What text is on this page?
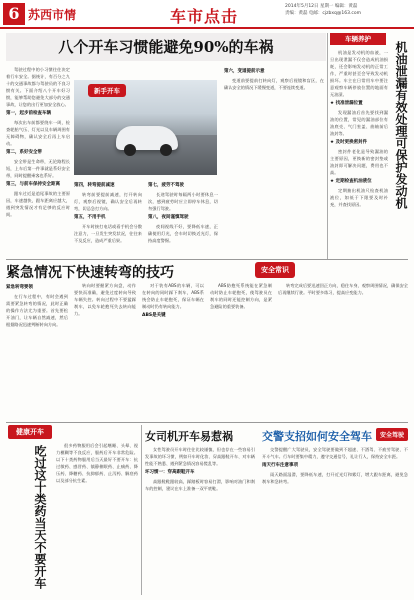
6 苏西市情	车市点击
2014年5月12日 星期一 编辑：黄磊
责编：黄磊 电邮：cjzbxq@163.com
八个开车习惯能避免90%的车祸

驾驶过程中的小习惯往往决定着行车安全。据统计，有百分之九十的交通事故都与驾驶员的不良习惯有关。下面介绍八个开车好习惯，能够帮助您避免大部分的交通事故，让您的出行更加安全放心。

第一，起步前检查车辆

每次出车前都要绕车一周，检查轮胎气压、灯光以及车辆周围有无障碍物，确认安全后再上车启动。

第二，系好安全带

安全带是生命带，无论路程长短，上车后第一件事就是系好安全带，同时提醒乘客也系好。

第三，与前车保持安全距离

跟车过近是追尾事故的主要原因，车速越快，跟车距离应越大，遇到突发情况才有足够的反应时间。

新手开车
第四，转弯提前减速

转弯前要提前减速，打开转向灯，观察后视镜，确认安全后再转弯，切忌急打方向。

第五，不用手机

开车时接打电话或看手机会分散注意力，一旦发生突发状况，往往来不及反应，造成严重后果。

第七，疲劳不驾驶

长途驾驶时每隔两小时要休息一次，感到疲劳时应立即停车休息，切勿强行驾驶。

第八，夜间谨慎驾驶

夜间视线不好，要降低车速，正确使用灯光，会车时切换近光灯，保持高度警惕。

第六，变道提前示意

变道前要提前打转向灯，观察后视镜和盲区，在确认安全的情况下缓慢变道，不要连续变道。

车辆养护
机油泄漏有效处理可保护发动机

机油是发动机的血液，一旦出现泄漏不仅会造成机油损耗，还会影响发动机的正常工作，严重时甚至会导致发动机损坏。车主在日常用车中要注意观察车辆停放位置的地面有无油渍。

★ 找准泄漏位置

发现漏油后首先要找到漏油的位置，常见的漏油部位有油底壳、气门室盖、曲轴前后油封等。

★ 及时更换密封件

密封件老化是导致漏油的主要原因，更换新的密封垫或油封即可解决问题，费用也不高。

★ 定期检查机油液位

定期抽出机油尺检查机油液位，如低于下限要及时补充，并查找原因。

紧急情况下快速转弯的技巧	安全常识
紧急转弯要领

在行车过程中，有时会遇到需要紧急转弯的情况，此时正确的操作方法尤为重要。首先要松开油门，让车辆自然减速，然后根据路况迅速判断转向方向。

转向时要握紧方向盘，动作要快而准确，避免过度转向导致车辆失控。转向过程中不要猛踩刹车，以免车轮抱死失去转向能力。

对于装有ABS的车辆，可以在转向的同时踩下刹车，ABS系统会防止车轮抱死，保证车辆在制动时仍有转向能力。

ABS是关键

ABS防抱死系统能在紧急制动时防止车轮抱死，使驾驶员在刹车的同时还能控制方向，是紧急避险的重要装备。

转弯完成后要迅速回正方向，稳住车身，观察周围情况，确保安全后再继续行驶。平时要多练习，提高应变能力。

健康开车
吃过这十类药当天不要开车	很多药物服用后会引起嗜睡、头晕、视力模糊等不良反应，服药后开车非常危险。以下十类药物服用后当天最好不要开车：抗过敏药、感冒药、镇静催眠药、止痛药、降压药、降糖药、抗抑郁药、止泻药、解痉药以及部分抗生素。

女司机开车易惹祸

女性驾驶员开车时往往比较谨慎，但也存在一些容易引发事故的坏习惯，例如开车时化妆、穿高跟鞋开车、对车辆性能不熟悉、遇到紧急情况容易慌乱等。

坏习惯一：穿高跟鞋开车

高跟鞋鞋跟较高，踩踏板时容易打滑，影响对油门和刹车的控制，建议在车上准备一双平底鞋。

交警支招如何安全驾车	安全驾驶

交警提醒广大驾驶员，安全驾驶要做到不超速、不酒驾、不疲劳驾驶、不开斗气车。行车时要集中精力，遵守交通信号，礼让行人，保持安全车距。

雨天行车注意事项

雨天路面湿滑，要降低车速，打开近光灯和雾灯，增大跟车距离，避免急刹车和急转弯。
